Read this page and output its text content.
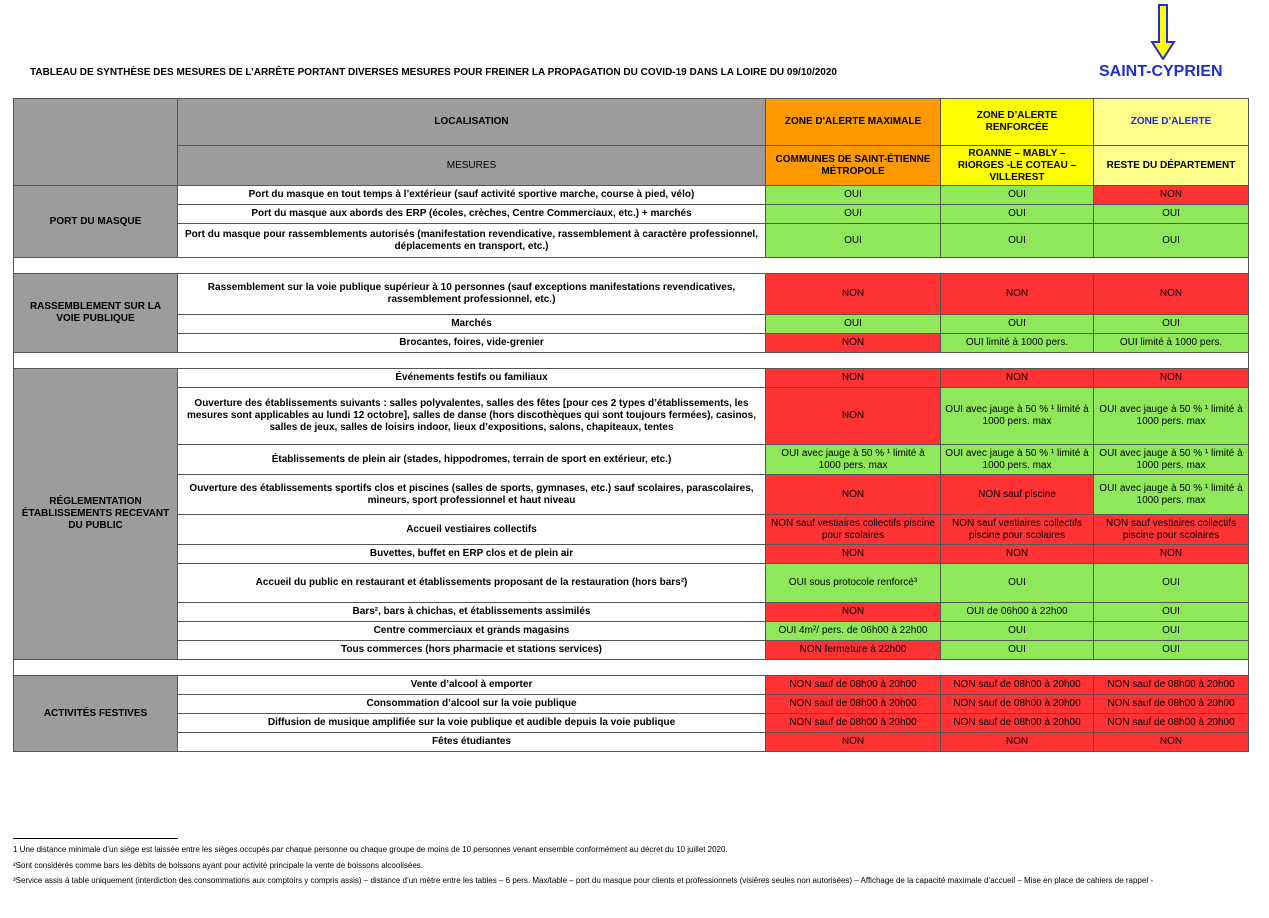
TABLEAU DE SYNTHÈSE DES MESURES DE L’ARRÊTE PORTANT DIVERSES MESURES POUR FREINER LA PROPAGATION DU COVID-19 DANS LA LOIRE DU 09/10/2020	SAINT-CYPRIEN
	LOCALISATION	ZONE D'ALERTE MAXIMALE	ZONE D’ALERTE RENFORCÉE	ZONE D’ALERTE
	MESURES	COMMUNES DE SAINT-ÉTIENNE MÉTROPOLE	ROANNE – MABLY – RIORGES -LE COTEAU – VILLEREST	RESTE DU DÉPARTEMENT
PORT DU MASQUE	Port du masque en tout temps à l’extérieur (sauf activité sportive marche, course à pied, vélo)	OUI	OUI	NON
	Port du masque aux abords des ERP (écoles, crèches, Centre Commerciaux, etc.) + marchés	OUI	OUI	OUI
	Port du masque pour rassemblements autorisés (manifestation revendicative, rassemblement à caractère professionnel, déplacements en transport, etc.)	OUI	OUI	OUI

RASSEMBLEMENT SUR LA VOIE PUBLIQUE	Rassemblement sur la voie publique supérieur à 10 personnes (sauf exceptions manifestations revendicatives, rassemblement professionnel, etc.)	NON	NON	NON
	Marchés	OUI	OUI	OUI
	Brocantes, foires, vide-grenier	NON	OUI limité à 1000 pers.	OUI limité à 1000 pers.

RÉGLEMENTATION ÉTABLISSEMENTS RECEVANT DU PUBLIC	Événements festifs ou familiaux	NON	NON	NON
	Ouverture des établissements suivants : salles polyvalentes, salles des fêtes [pour ces 2 types d’établissements, les mesures sont applicables au lundi 12 octobre], salles de danse (hors discothèques qui sont toujours fermées), casinos, salles de jeux, salles de loisirs indoor, lieux d’expositions, salons, chapiteaux, tentes	NON	OUI avec jauge à 50 % ¹ limité à 1000 pers. max	OUI avec jauge à 50 % ¹ limité à 1000 pers. max
	Établissements de plein air (stades, hippodromes, terrain de sport en extérieur, etc.)	OUI avec jauge à 50 % ¹ limité à 1000 pers. max	OUI avec jauge à 50 % ¹ limité à 1000 pers. max	OUI avec jauge à 50 % ¹ limité à 1000 pers. max
	Ouverture des établissements sportifs clos et piscines (salles de sports, gymnases, etc.) sauf scolaires, parascolaires, mineurs, sport professionnel et haut niveau	NON	NON sauf piscine	OUI avec jauge à 50 % ¹ limité à 1000 pers. max
	Accueil vestiaires collectifs	NON sauf vestiaires collectifs piscine pour scolaires	NON sauf vestiaires collectifs piscine pour scolaires	NON sauf vestiaires collectifs piscine pour scolaires
	Buvettes, buffet en ERP clos et de plein air	NON	NON	NON
	Accueil du public en restaurant et établissements proposant de la restauration (hors bars²)	OUI sous protocole renforcé³	OUI	OUI
	Bars², bars à chichas, et établissements assimilés	NON	OUI de 06h00 à 22h00	OUI
	Centre commerciaux et grands magasins	OUI 4m²/ pers. de 06h00 à 22h00	OUI	OUI
	Tous commerces (hors pharmacie et stations services)	NON fermeture à 22h00	OUI	OUI

ACTIVITÉS FESTIVES	Vente d’alcool à emporter	NON sauf de 08h00 à 20h00	NON sauf de 08h00 à 20h00	NON sauf de 08h00 à 20h00
	Consommation d’alcool sur la voie publique	NON sauf de 08h00 à 20h00	NON sauf de 08h00 à 20h00	NON sauf de 08h00 à 20h00
	Diffusion de musique amplifiée sur la voie publique et audible depuis la voie publique	NON sauf de 08h00 à 20h00	NON sauf de 08h00 à 20h00	NON sauf de 08h00 à 20h00
	Fêtes étudiantes	NON	NON	NON
1 Une distance minimale d’un siège est laissée entre les sièges occupés par chaque personne ou chaque groupe de moins de 10 personnes venant ensemble conformément au décret du 10 juillet 2020.
²Sont considérés comme bars les débits de boissons ayant pour activité principale la vente de boissons alcoolisées.
³Service assis à table uniquement (interdiction des consommations aux comptoirs y compris assis) – distance d’un mètre entre les tables – 6 pers. Max/table – port du masque pour clients et professionnels (visières seules non autorisées) – Affichage de la capacité maximale d’accueil – Mise en place de cahiers de rappel -
